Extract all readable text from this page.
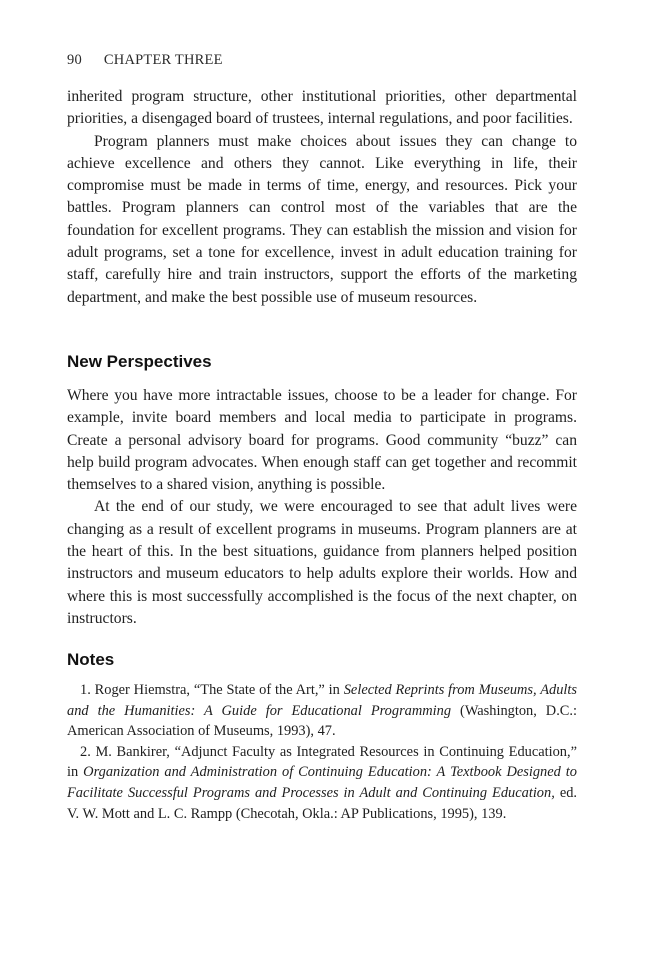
90 CHAPTER THREE

inherited program structure, other institutional priorities, other departmental priorities, a disengaged board of trustees, internal regulations, and poor facilities.

Program planners must make choices about issues they can change to achieve excellence and others they cannot. Like everything in life, their compromise must be made in terms of time, energy, and resources. Pick your battles. Program planners can control most of the variables that are the foundation for excellent programs. They can establish the mission and vision for adult programs, set a tone for excellence, invest in adult education training for staff, carefully hire and train instructors, support the efforts of the marketing department, and make the best possible use of museum resources.

New Perspectives

Where you have more intractable issues, choose to be a leader for change. For example, invite board members and local media to participate in programs. Create a personal advisory board for programs. Good community “buzz” can help build program advocates. When enough staff can get together and recommit themselves to a shared vision, anything is possible.

At the end of our study, we were encouraged to see that adult lives were changing as a result of excellent programs in museums. Program planners are at the heart of this. In the best situations, guidance from planners helped position instructors and museum educators to help adults explore their worlds. How and where this is most successfully accomplished is the focus of the next chapter, on instructors.

Notes

1. Roger Hiemstra, “The State of the Art,” in Selected Reprints from Museums, Adults and the Humanities: A Guide for Educational Programming (Washington, D.C.: American Association of Museums, 1993), 47.

2. M. Bankirer, “Adjunct Faculty as Integrated Resources in Continuing Education,” in Organization and Administration of Continuing Education: A Textbook Designed to Facilitate Successful Programs and Processes in Adult and Continuing Education, ed. V. W. Mott and L. C. Rampp (Checotah, Okla.: AP Publications, 1995), 139.
